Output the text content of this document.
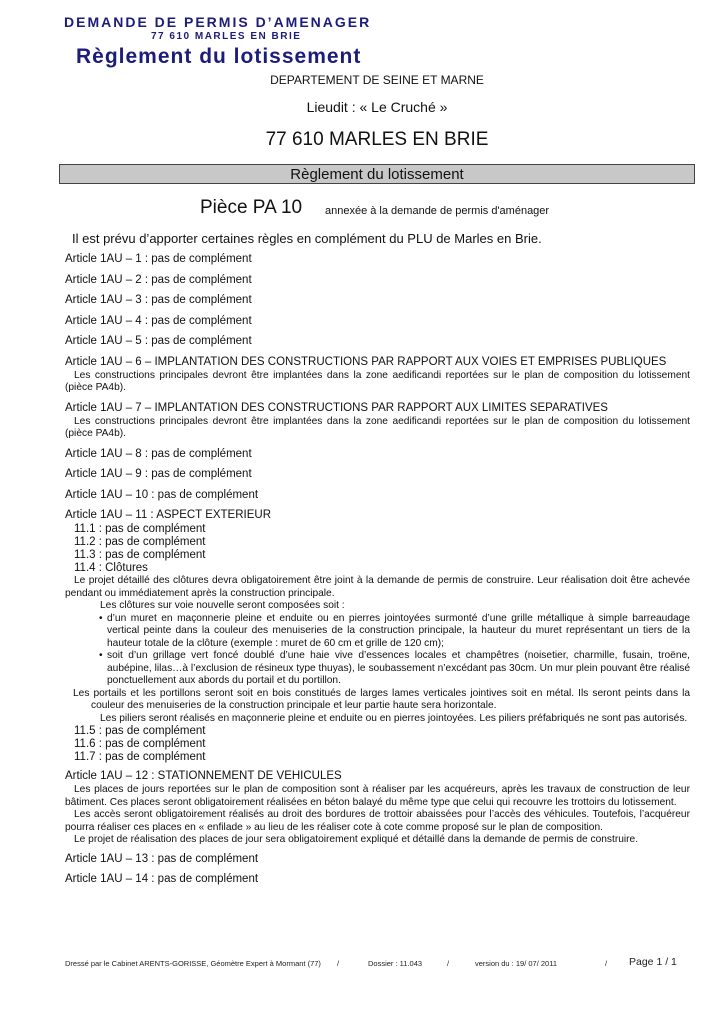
DEMANDE DE PERMIS D’AMENAGER
77 610 MARLES EN BRIE
Règlement du lotissement
DEPARTEMENT DE SEINE ET MARNE
Lieudit : « Le Cruché »
77 610 MARLES EN BRIE
Règlement du lotissement
Pièce PA 10 annexée à la demande de permis d'aménager
Il est prévu d’apporter certaines règles en complément du PLU de Marles en Brie.

Article 1AU – 1 : pas de complément

Article 1AU – 2 : pas de complément

Article 1AU – 3 : pas de complément

Article 1AU – 4 : pas de complément

Article 1AU – 5 : pas de complément

Article 1AU – 6 – IMPLANTATION DES CONSTRUCTIONS PAR RAPPORT AUX VOIES ET EMPRISES PUBLIQUES

Les constructions principales devront être implantées dans la zone aedificandi reportées sur le plan de composition du lotissement (pièce PA4b).

Article 1AU – 7 – IMPLANTATION DES CONSTRUCTIONS PAR RAPPORT AUX LIMITES SEPARATIVES

Les constructions principales devront être implantées dans la zone aedificandi reportées sur le plan de composition du lotissement (pièce PA4b).

Article 1AU – 8 : pas de complément

Article 1AU – 9 : pas de complément

Article 1AU – 10 : pas de complément

Article 1AU – 11 : ASPECT EXTERIEUR

11.1 : pas de complément

11.2 : pas de complément

11.3 : pas de complément

11.4 : Clôtures

Le projet détaillé des clôtures devra obligatoirement être joint à la demande de permis de construire. Leur réalisation doit être achevée pendant ou immédiatement après la construction principale.

Les clôtures sur voie nouvelle seront composées soit :

• d’un muret en maçonnerie pleine et enduite ou en pierres jointoyées surmonté d’une grille métallique à simple barreaudage vertical peinte dans la couleur des menuiseries de la construction principale, la hauteur du muret représentant un tiers de la hauteur totale de la clôture (exemple : muret de 60 cm et grille de 120 cm);
• soit d’un grillage vert foncé doublé d’une haie vive d’essences locales et champêtres (noisetier, charmille, fusain, troëne, aubépine, lilas…à l’exclusion de résineux type thuyas), le soubassement n’excédant pas 30cm. Un mur plein pouvant être réalisé ponctuellement aux abords du portail et du portillon.

Les portails et les portillons seront soit en bois constitués de larges lames verticales jointives soit en métal. Ils seront peints dans la couleur des menuiseries de la construction principale et leur partie haute sera horizontale.

Les piliers seront réalisés en maçonnerie pleine et enduite ou en pierres jointoyées. Les piliers préfabriqués ne sont pas autorisés.

11.5 : pas de complément

11.6 : pas de complément

11.7 : pas de complément

Article 1AU – 12 : STATIONNEMENT DE VEHICULES

Les places de jours reportées sur le plan de composition sont à réaliser par les acquéreurs, après les travaux de construction de leur bâtiment. Ces places seront obligatoirement réalisées en béton balayé du même type que celui qui recouvre les trottoirs du lotissement.

Les accès seront obligatoirement réalisés au droit des bordures de trottoir abaissées pour l’accès des véhicules. Toutefois, l’acquéreur pourra réaliser ces places en « enfilade » au lieu de les réaliser cote à cote comme proposé sur le plan de composition.

Le projet de réalisation des places de jour sera obligatoirement expliqué et détaillé dans la demande de permis de construire.

Article 1AU – 13 : pas de complément

Article 1AU – 14 : pas de complément

Dressé par le Cabinet ARENTS-GORISSE, Géomètre Expert à Mormant (77) /	Dossier : 11.043	/	version du : 19/ 07/ 2011	/ Page 1 / 1
